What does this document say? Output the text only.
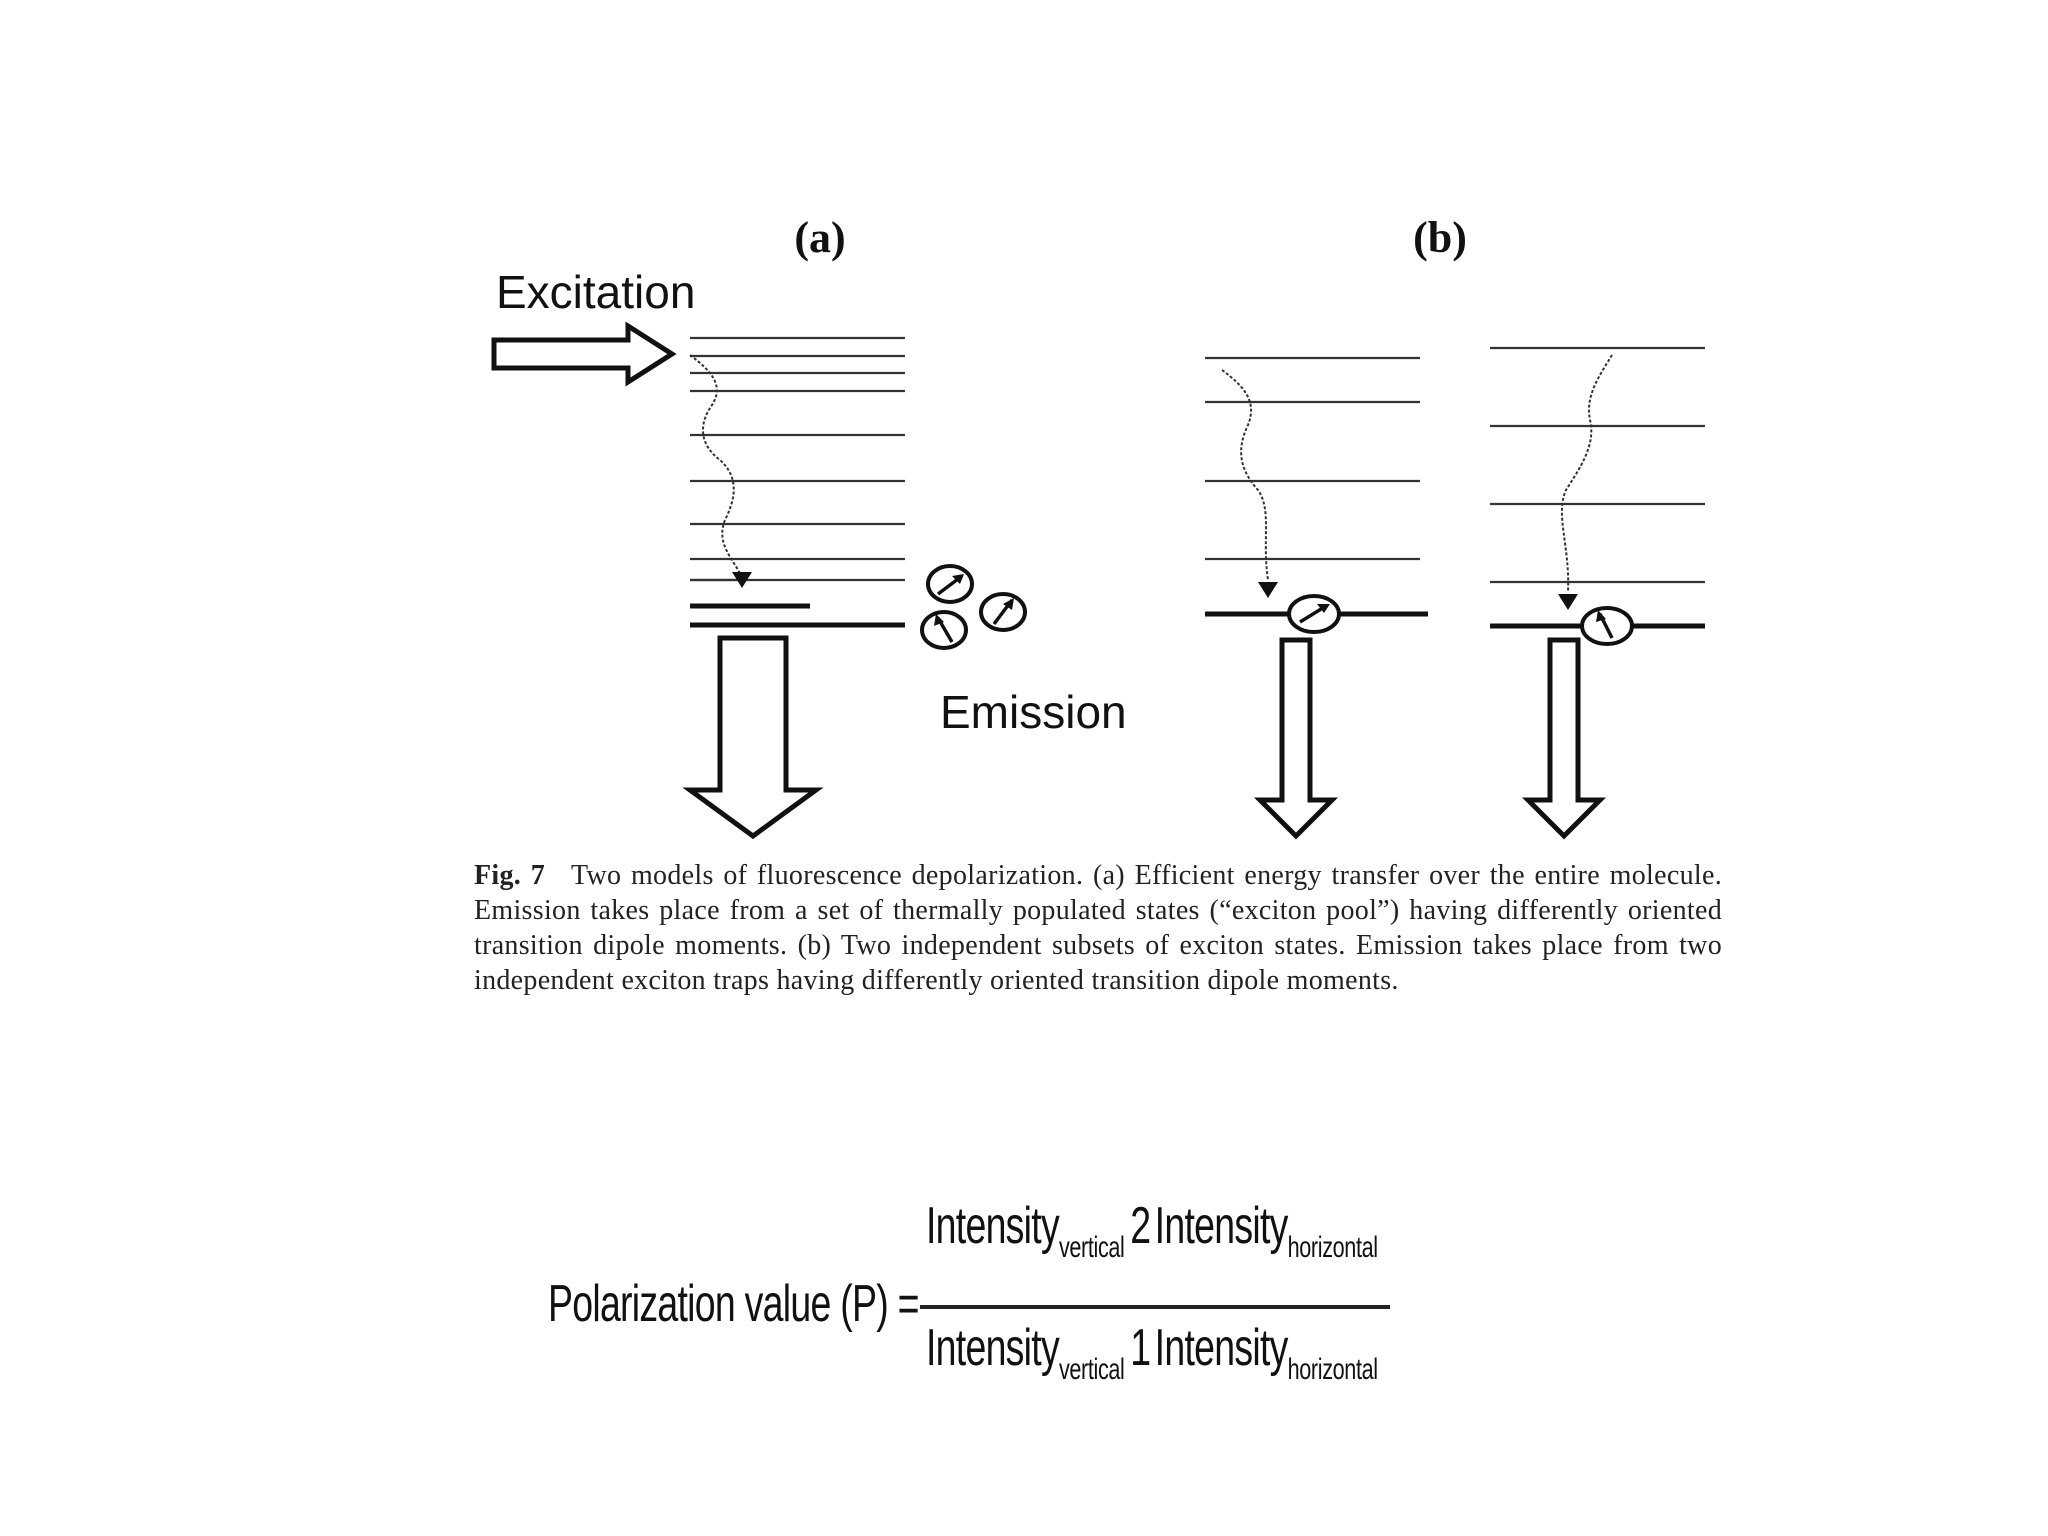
(a)	(b)
Excitation
Emission
Fig. 7 Two models of fluorescence depolarization. (a) Efficient energy transfer over the entire molecule. Emission takes place from a set of thermally populated states (“exciton pool”) having differently oriented transition dipole moments. (b) Two independent subsets of exciton states. Emission takes place from two independent exciton traps having differently oriented transition dipole moments.
Polarization value (P) =
Intensity$_{vertical}$ 2Intensity$_{horizontal}$
Intensity$_{vertical}$ 1Intensity$_{horizontal}$
